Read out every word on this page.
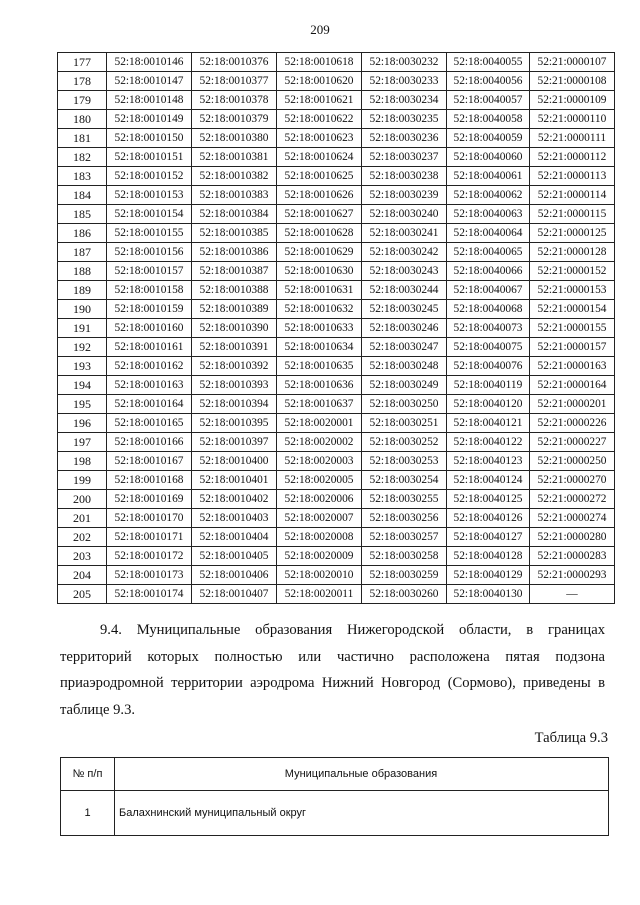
209
177	52:18:0010146	52:18:0010376	52:18:0010618	52:18:0030232	52:18:0040055	52:21:0000107
178	52:18:0010147	52:18:0010377	52:18:0010620	52:18:0030233	52:18:0040056	52:21:0000108
179	52:18:0010148	52:18:0010378	52:18:0010621	52:18:0030234	52:18:0040057	52:21:0000109
180	52:18:0010149	52:18:0010379	52:18:0010622	52:18:0030235	52:18:0040058	52:21:0000110
181	52:18:0010150	52:18:0010380	52:18:0010623	52:18:0030236	52:18:0040059	52:21:0000111
182	52:18:0010151	52:18:0010381	52:18:0010624	52:18:0030237	52:18:0040060	52:21:0000112
183	52:18:0010152	52:18:0010382	52:18:0010625	52:18:0030238	52:18:0040061	52:21:0000113
184	52:18:0010153	52:18:0010383	52:18:0010626	52:18:0030239	52:18:0040062	52:21:0000114
185	52:18:0010154	52:18:0010384	52:18:0010627	52:18:0030240	52:18:0040063	52:21:0000115
186	52:18:0010155	52:18:0010385	52:18:0010628	52:18:0030241	52:18:0040064	52:21:0000125
187	52:18:0010156	52:18:0010386	52:18:0010629	52:18:0030242	52:18:0040065	52:21:0000128
188	52:18:0010157	52:18:0010387	52:18:0010630	52:18:0030243	52:18:0040066	52:21:0000152
189	52:18:0010158	52:18:0010388	52:18:0010631	52:18:0030244	52:18:0040067	52:21:0000153
190	52:18:0010159	52:18:0010389	52:18:0010632	52:18:0030245	52:18:0040068	52:21:0000154
191	52:18:0010160	52:18:0010390	52:18:0010633	52:18:0030246	52:18:0040073	52:21:0000155
192	52:18:0010161	52:18:0010391	52:18:0010634	52:18:0030247	52:18:0040075	52:21:0000157
193	52:18:0010162	52:18:0010392	52:18:0010635	52:18:0030248	52:18:0040076	52:21:0000163
194	52:18:0010163	52:18:0010393	52:18:0010636	52:18:0030249	52:18:0040119	52:21:0000164
195	52:18:0010164	52:18:0010394	52:18:0010637	52:18:0030250	52:18:0040120	52:21:0000201
196	52:18:0010165	52:18:0010395	52:18:0020001	52:18:0030251	52:18:0040121	52:21:0000226
197	52:18:0010166	52:18:0010397	52:18:0020002	52:18:0030252	52:18:0040122	52:21:0000227
198	52:18:0010167	52:18:0010400	52:18:0020003	52:18:0030253	52:18:0040123	52:21:0000250
199	52:18:0010168	52:18:0010401	52:18:0020005	52:18:0030254	52:18:0040124	52:21:0000270
200	52:18:0010169	52:18:0010402	52:18:0020006	52:18:0030255	52:18:0040125	52:21:0000272
201	52:18:0010170	52:18:0010403	52:18:0020007	52:18:0030256	52:18:0040126	52:21:0000274
202	52:18:0010171	52:18:0010404	52:18:0020008	52:18:0030257	52:18:0040127	52:21:0000280
203	52:18:0010172	52:18:0010405	52:18:0020009	52:18:0030258	52:18:0040128	52:21:0000283
204	52:18:0010173	52:18:0010406	52:18:0020010	52:18:0030259	52:18:0040129	52:21:0000293
205	52:18:0010174	52:18:0010407	52:18:0020011	52:18:0030260	52:18:0040130	—
9.4. Муниципальные образования Нижегородской области, в границах территорий которых полностью или частично расположена пятая подзона приаэродромной территории аэродрома Нижний Новгород (Сормово), приведены в таблице 9.3.
Таблица 9.3
№ п/п	Муниципальные образования
1	Балахнинский муниципальный округ
